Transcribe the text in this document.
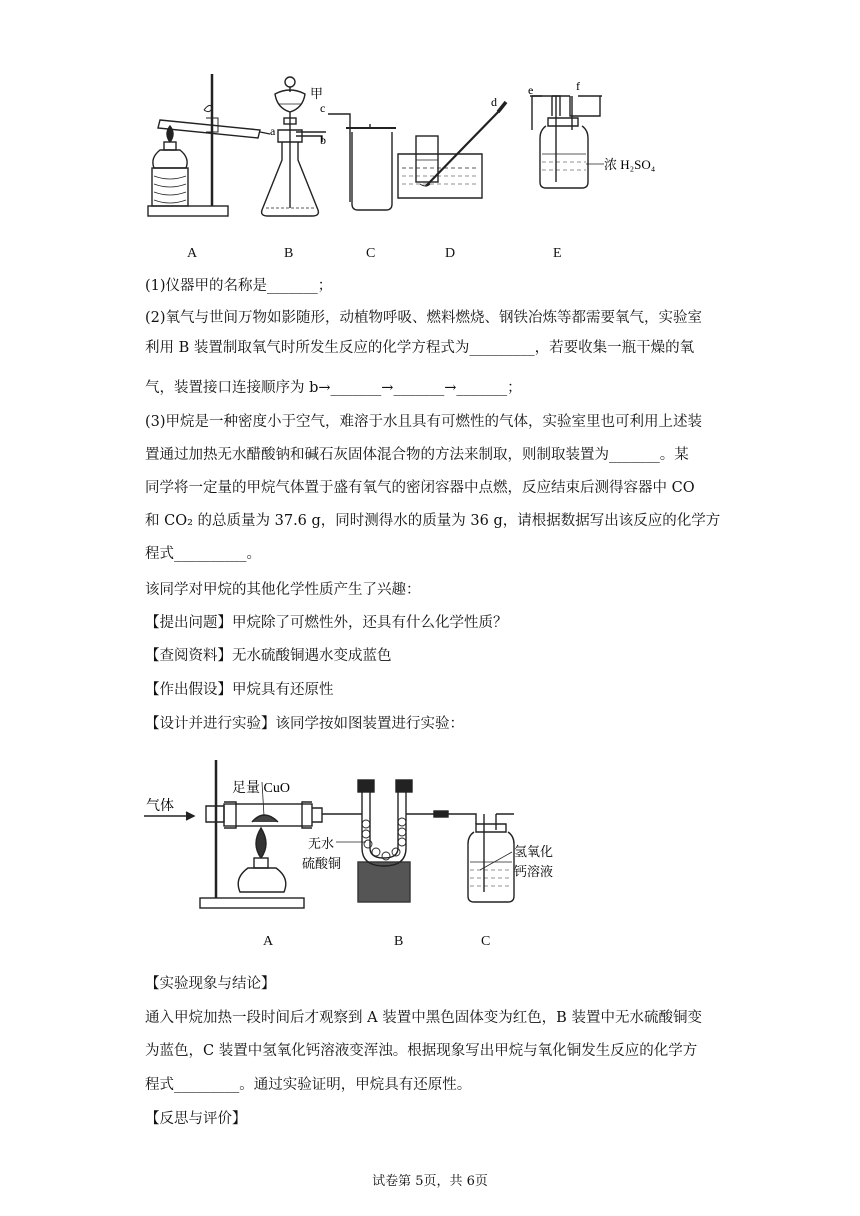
a
b
c	d
e	f
甲
浓 H₂SO₄
A	B	C	D	E
(1)仪器甲的名称是_______；
(2)氧气与世间万物如影随形，动植物呼吸、燃料燃烧、钢铁冶炼等都需要氧气，实验室
利用 B 装置制取氧气时所发生反应的化学方程式为_________，若要收集一瓶干燥的氧
气，装置接口连接顺序为 b→_______→_______→_______；
(3)甲烷是一种密度小于空气，难溶于水且具有可燃性的气体，实验室里也可利用上述装
置通过加热无水醋酸钠和碱石灰固体混合物的方法来制取，则制取装置为_______。某
同学将一定量的甲烷气体置于盛有氧气的密闭容器中点燃，反应结束后测得容器中 CO
和 CO₂ 的总质量为 37.6 g，同时测得水的质量为 36 g，请根据数据写出该反应的化学方
程式__________。
该同学对甲烷的其他化学性质产生了兴趣：
【提出问题】甲烷除了可燃性外，还具有什么化学性质？
【查阅资料】无水硫酸铜遇水变成蓝色
【作出假设】甲烷具有还原性
【设计并进行实验】该同学按如图装置进行实验：
气体
足量 CuO
无水
硫酸铜
氢氧化
钙溶液
A	B	C
【实验现象与结论】
通入甲烷加热一段时间后才观察到 A 装置中黑色固体变为红色，B 装置中无水硫酸铜变
为蓝色，C 装置中氢氧化钙溶液变浑浊。根据现象写出甲烷与氧化铜发生反应的化学方
程式_________。通过实验证明，甲烷具有还原性。
【反思与评价】
试卷第 5页，共 6页
